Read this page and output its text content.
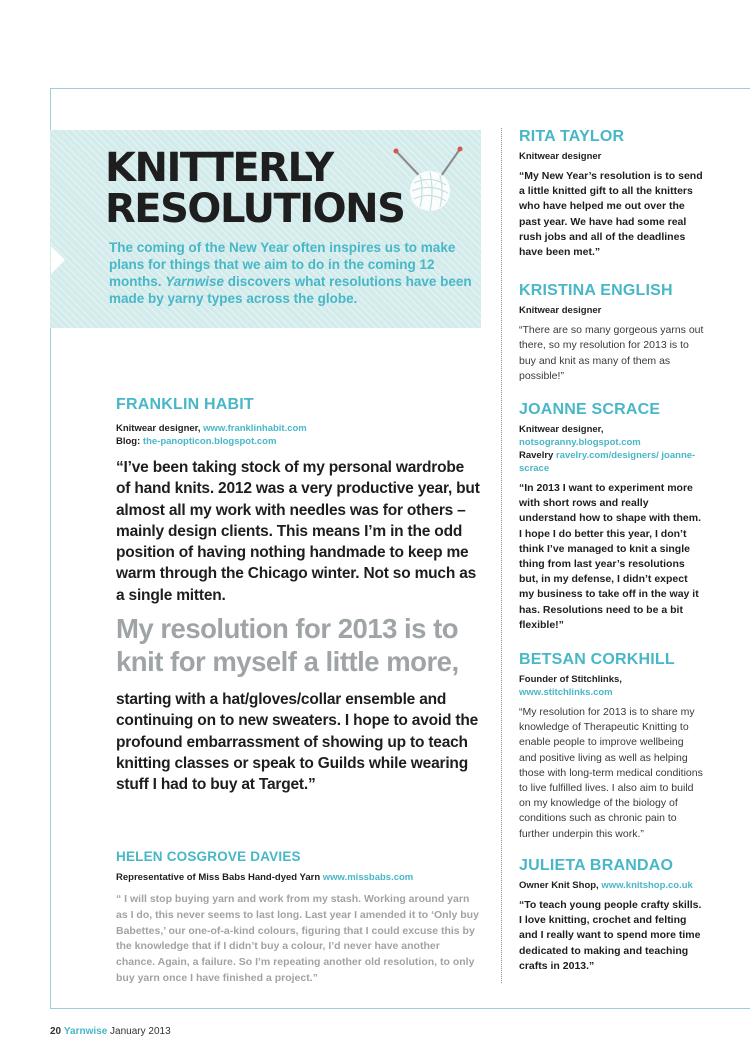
KNITTERLY
RESOLUTIONS

The coming of the New Year often inspires us to make plans for things that we aim to do in the coming 12 months. Yarnwise discovers what resolutions have been made by yarny types across the globe.

FRANKLIN HABIT
Knitwear designer, www.franklinhabit.com
Blog: the-panopticon.blogspot.com

“I’ve been taking stock of my personal wardrobe of hand knits. 2012 was a very productive year, but almost all my work with needles was for others – mainly design clients. This means I’m in the odd position of having nothing handmade to keep me warm through the Chicago winter. Not so much as a single mitten.

My resolution for 2013 is to knit for myself a little more,

starting with a hat/gloves/collar ensemble and continuing on to new sweaters. I hope to avoid the profound embarrassment of showing up to teach knitting classes or speak to Guilds while wearing stuff I had to buy at Target.”

HELEN COSGROVE DAVIES
Representative of Miss Babs Hand-dyed Yarn www.missbabs.com

“ I will stop buying yarn and work from my stash. Working around yarn as I do, this never seems to last long. Last year I amended it to ‘Only buy Babettes,’ our one-of-a-kind colours, figuring that I could excuse this by the knowledge that if I didn’t buy a colour, I’d never have another chance. Again, a failure. So I’m repeating another old resolution, to only buy yarn once I have finished a project.”

RITA TAYLOR
Knitwear designer

“My New Year’s resolution is to send a little knitted gift to all the knitters who have helped me out over the past year. We have had some real rush jobs and all of the deadlines have been met.”

KRISTINA ENGLISH
Knitwear designer

“There are so many gorgeous yarns out there, so my resolution for 2013 is to buy and knit as many of them as possible!”

JOANNE SCRACE
Knitwear designer,
notsogranny.blogspot.com
Ravelry ravelry.com/designers/ joanne-scrace

“In 2013 I want to experiment more with short rows and really understand how to shape with them. I hope I do better this year, I don’t think I’ve managed to knit a single thing from last year’s resolutions but, in my defense, I didn’t expect my business to take off in the way it has. Resolutions need to be a bit flexible!”

BETSAN CORKHILL
Founder of Stitchlinks,
www.stitchlinks.com

“My resolution for 2013 is to share my knowledge of Therapeutic Knitting to enable people to improve wellbeing and positive living as well as helping those with long-term medical conditions to live fulfilled lives. I also aim to build on my knowledge of the biology of conditions such as chronic pain to further underpin this work.”

JULIETA BRANDAO
Owner Knit Shop, www.knitshop.co.uk

“To teach young people crafty skills. I love knitting, crochet and felting and I really want to spend more time dedicated to making and teaching crafts in 2013.”

20 Yarnwise January 2013
